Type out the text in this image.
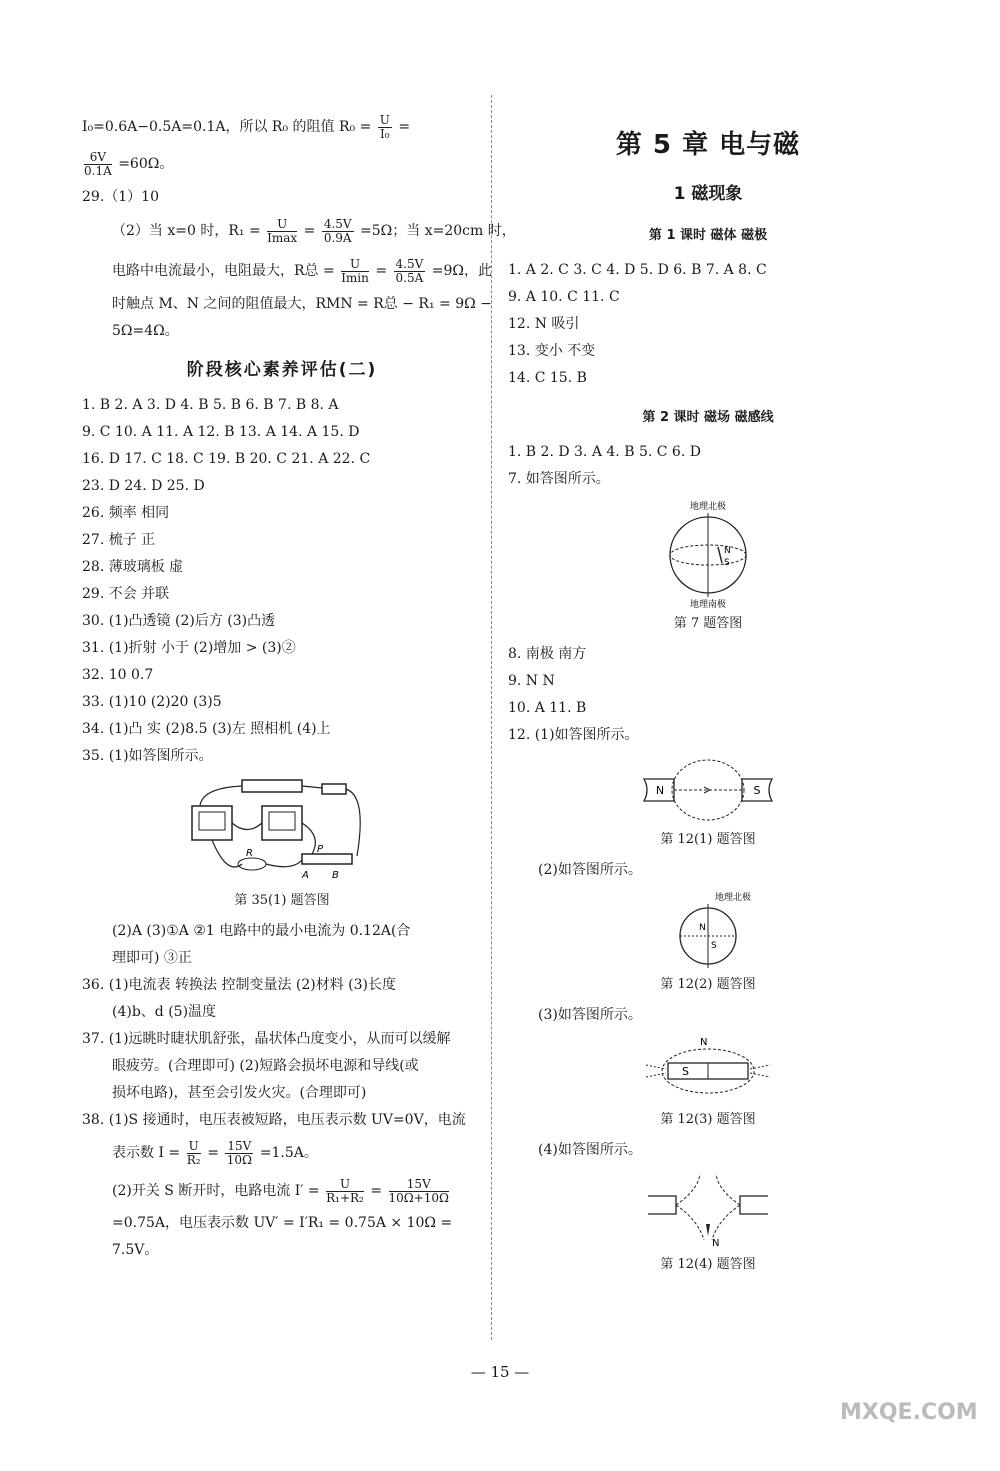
I₀=0.6A−0.5A=0.1A，所以 R₀ 的阻值 $R_0 = \frac{U}{\text{I₀}}$ =
$\frac{6V}{0.1A} =60\Omega$。
29.（1）10
（2）当 x=0 时，$R_1 = \frac{U}{Imax} = \frac{4.5V}{0.9A} =5\Omega$；当 x=20cm 时，
电路中电流最小，电阻最大，R总 = $\frac{U}{Imin} = \frac{4.5V}{0.5A} =9\Omega$，此
时触点 M、N 之间的阻值最大，RMN = R总 − R₁ = 9Ω −
5Ω=4Ω。
阶段核心素养评估(二)
1. B 2. A 3. D 4. B 5. B 6. B 7. B 8. A
9. C 10. A 11. A 12. B 13. A 14. A 15. D
16. D 17. C 18. C 19. B 20. C 21. A 22. C
23. D 24. D 25. D
26. 频率 相同
27. 梳子 正
28. 薄玻璃板 虚
29. 不会 并联
30. (1)凸透镜 (2)后方 (3)凸透
31. (1)折射 小于 (2)增加 > (3)②
32. 10 0.7
33. (1)10 (2)20 (3)5
34. (1)凸 实 (2)8.5 (3)左 照相机 (4)上
35. (1)如答图所示。
P
R
A B
第 35(1) 题答图
(2)A (3)①A ②1 电路中的最小电流为 0.12A(合
理即可) ③正
36. (1)电流表 转换法 控制变量法 (2)材料 (3)长度
(4)b、d (5)温度
37. (1)远眺时睫状肌舒张，晶状体凸度变小，从而可以缓解
眼疲劳。(合理即可) (2)短路会损坏电源和导线(或
损坏电路)，甚至会引发火灾。(合理即可)
38. (1)S 接通时，电压表被短路，电压表示数 UV=0V，电流
表示数 $I = \frac{U}{\text{R₂}} = \frac{15V}{10\Omega} =1.5A$。
(2)开关 S 断开时，电路电流 $I' = \frac{U}{\text{R₁+R₂}} = \frac{15V}{10\Omega+10\Omega}$
=0.75A，电压表示数 UV′ = I′R₁ = 0.75A × 10Ω =
7.5V。
第 5 章 电与磁
1 磁现象
第 1 课时 磁体 磁极
1. A 2. C 3. C 4. D 5. D 6. B 7. A 8. C
9. A 10. C 11. C
12. N 吸引
13. 变小 不变
14. C 15. B
第 2 课时 磁场 磁感线
1. B 2. D 3. A 4. B 5. C 6. D
7. 如答图所示。
地理北极
N
S
地理南极
第 7 题答图
8. 南极 南方
9. N N
10. A 11. B
12. (1)如答图所示。
N	S
第 12(1) 题答图
(2)如答图所示。
地理北极
N
S
第 12(2) 题答图
(3)如答图所示。
N
S
第 12(3) 题答图
(4)如答图所示。
N
第 12(4) 题答图
— 15 —
MXQE.COM
